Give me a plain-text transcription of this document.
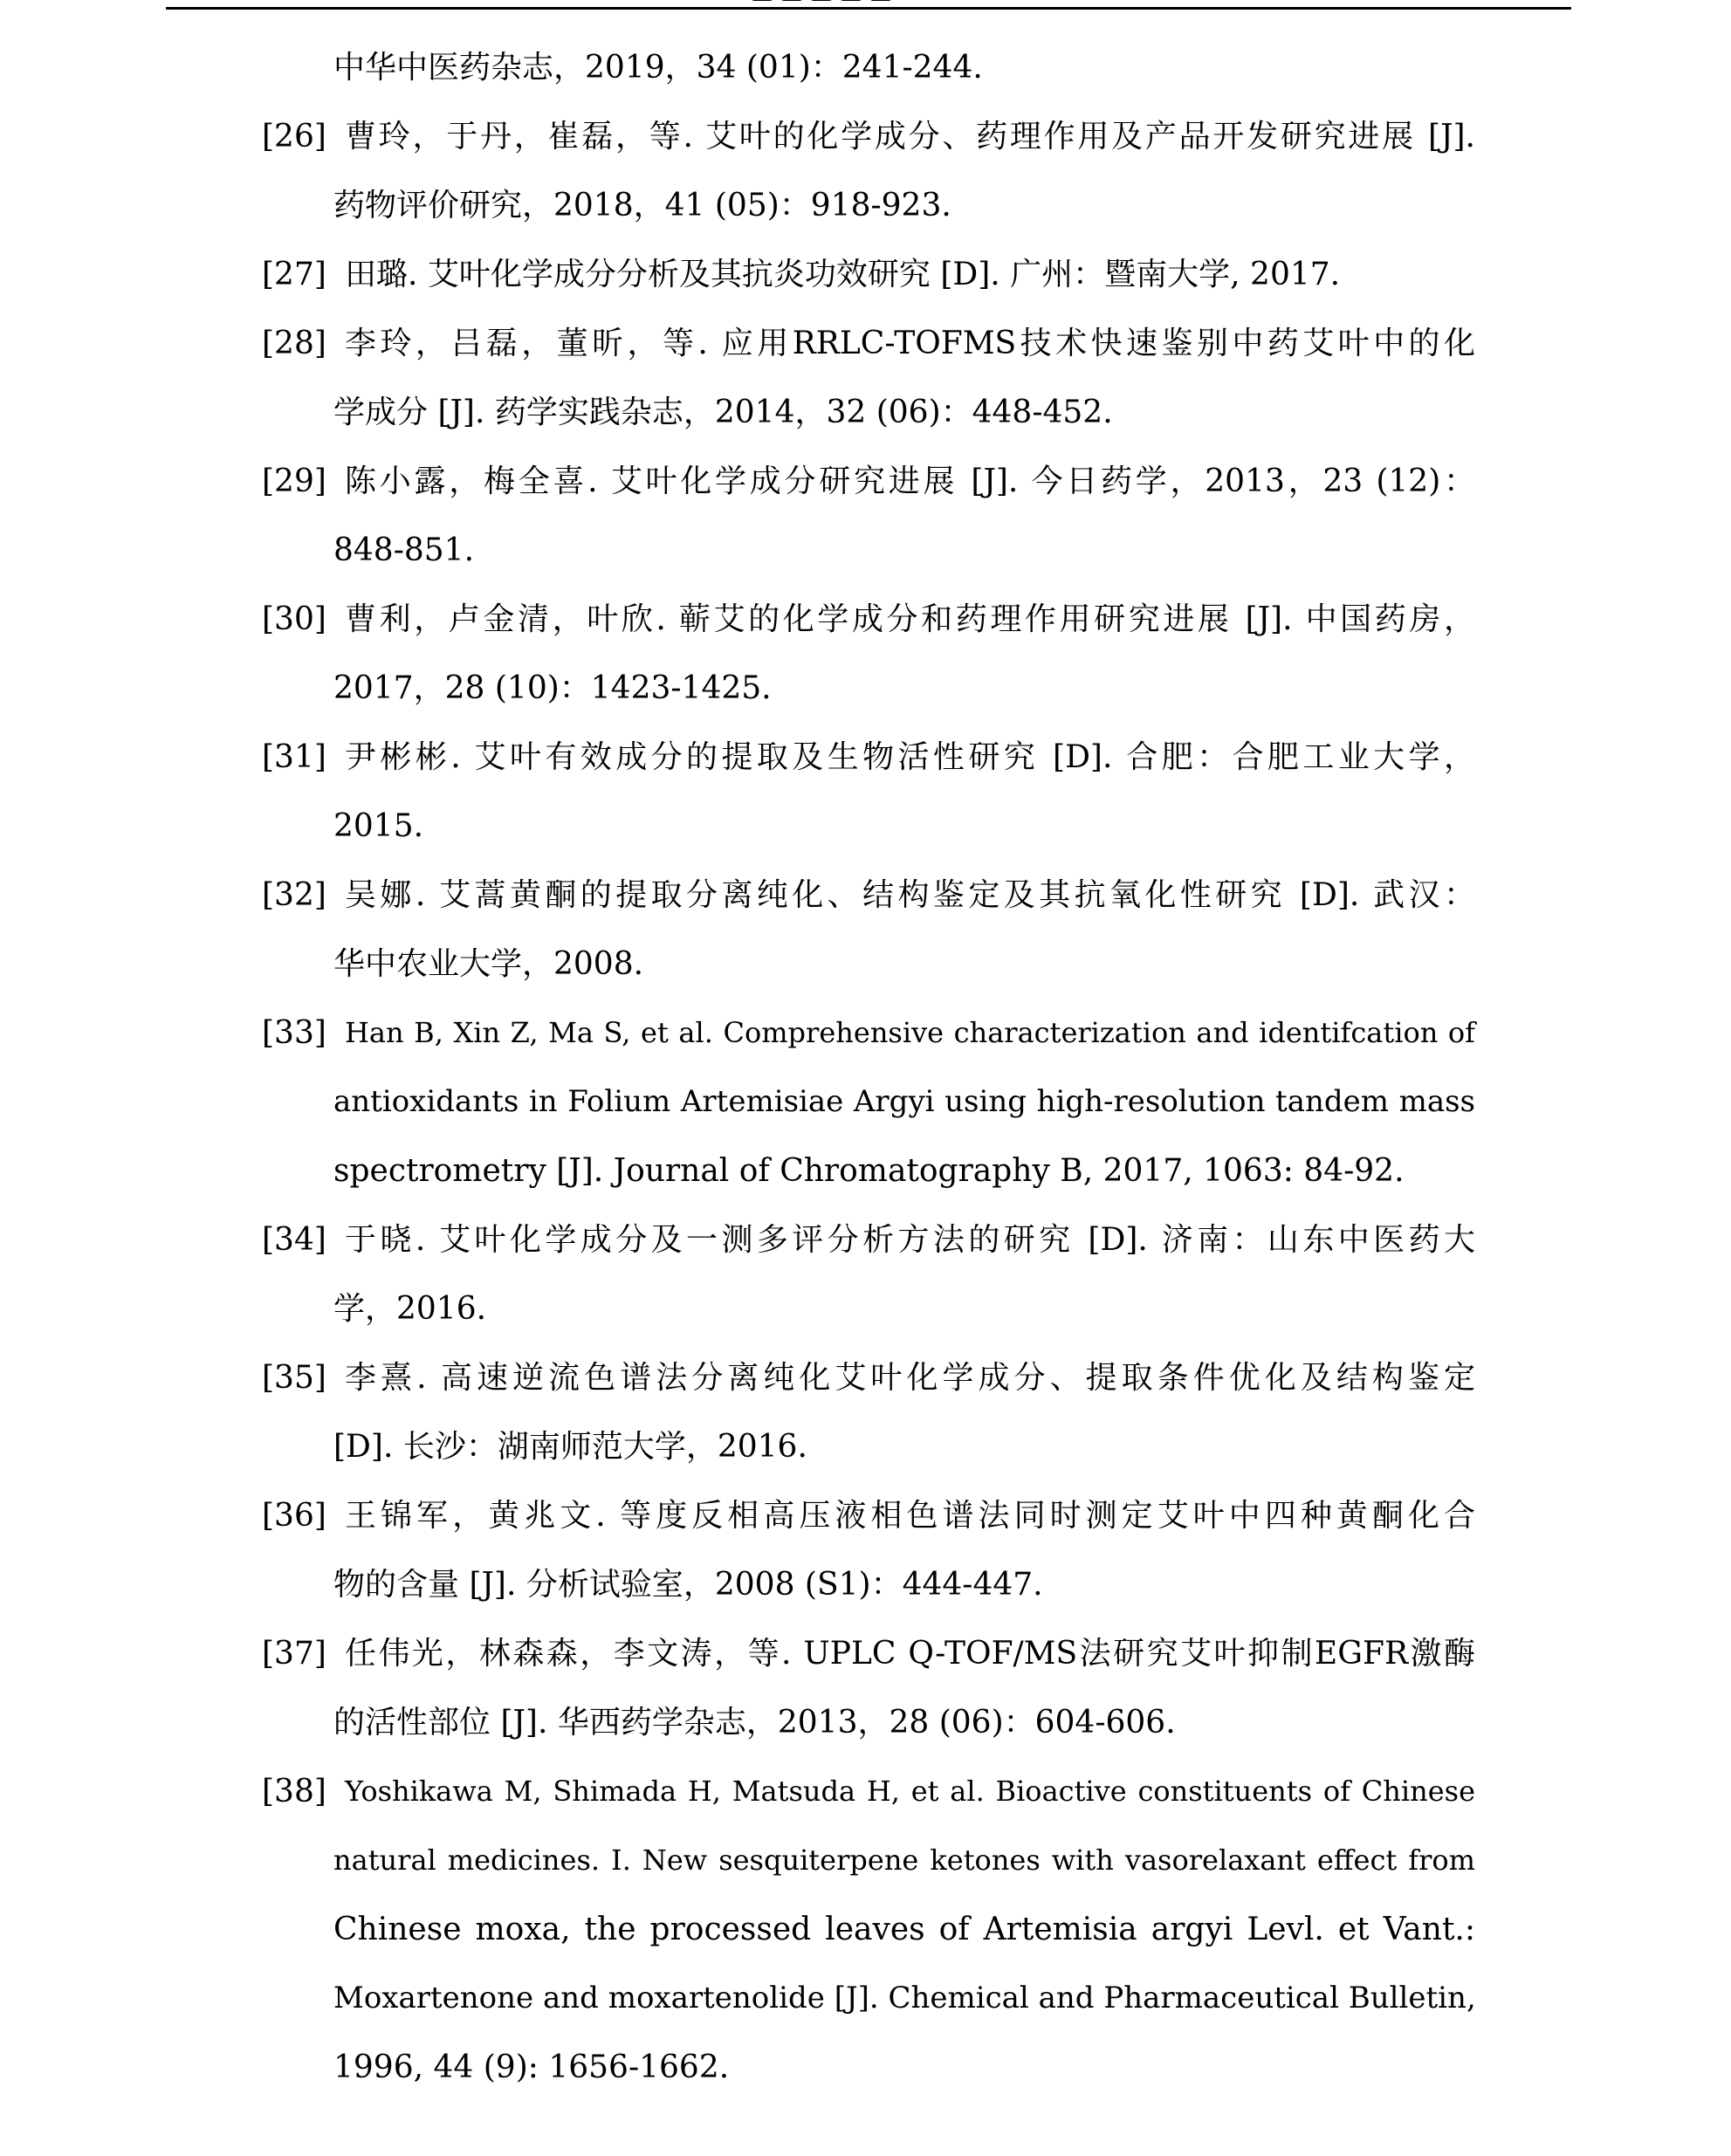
中华中医药杂志，2019，34 (01)：241-244.
[26] 曹玲，于丹，崔磊，等. 艾叶的化学成分、药理作用及产品开发研究进展 [J].
药物评价研究，2018，41 (05)：918-923.
[27] 田璐. 艾叶化学成分分析及其抗炎功效研究 [D]. 广州：暨南大学, 2017.
[28] 李玲，吕磊，董昕，等. 应用RRLC-TOFMS技术快速鉴别中药艾叶中的化
学成分 [J]. 药学实践杂志，2014，32 (06)：448-452.
[29] 陈小露，梅全喜. 艾叶化学成分研究进展 [J]. 今日药学，2013，23 (12)：
848-851.
[30] 曹利，卢金清，叶欣. 蕲艾的化学成分和药理作用研究进展 [J]. 中国药房，
2017，28 (10)：1423-1425.
[31] 尹彬彬. 艾叶有效成分的提取及生物活性研究 [D]. 合肥：合肥工业大学，
2015.
[32] 吴娜. 艾蒿黄酮的提取分离纯化、结构鉴定及其抗氧化性研究 [D]. 武汉：
华中农业大学，2008.
[33] Han B, Xin Z, Ma S, et al. Comprehensive characterization and identifcation of
antioxidants in Folium Artemisiae Argyi using high-resolution tandem mass
spectrometry [J]. Journal of Chromatography B, 2017, 1063: 84-92.
[34] 于晓. 艾叶化学成分及一测多评分析方法的研究 [D]. 济南：山东中医药大
学，2016.
[35] 李熹. 高速逆流色谱法分离纯化艾叶化学成分、提取条件优化及结构鉴定
[D]. 长沙：湖南师范大学，2016.
[36] 王锦军，黄兆文. 等度反相高压液相色谱法同时测定艾叶中四种黄酮化合
物的含量 [J]. 分析试验室，2008 (S1)：444-447.
[37] 任伟光，林森森，李文涛，等. UPLC Q-TOF/MS法研究艾叶抑制EGFR激酶
的活性部位 [J]. 华西药学杂志，2013，28 (06)：604-606.
[38] Yoshikawa M, Shimada H, Matsuda H, et al. Bioactive constituents of Chinese
natural medicines. I. New sesquiterpene ketones with vasorelaxant effect from
Chinese moxa, the processed leaves of Artemisia argyi Levl. et Vant.:
Moxartenone and moxartenolide [J]. Chemical and Pharmaceutical Bulletin,
1996, 44 (9): 1656-1662.
